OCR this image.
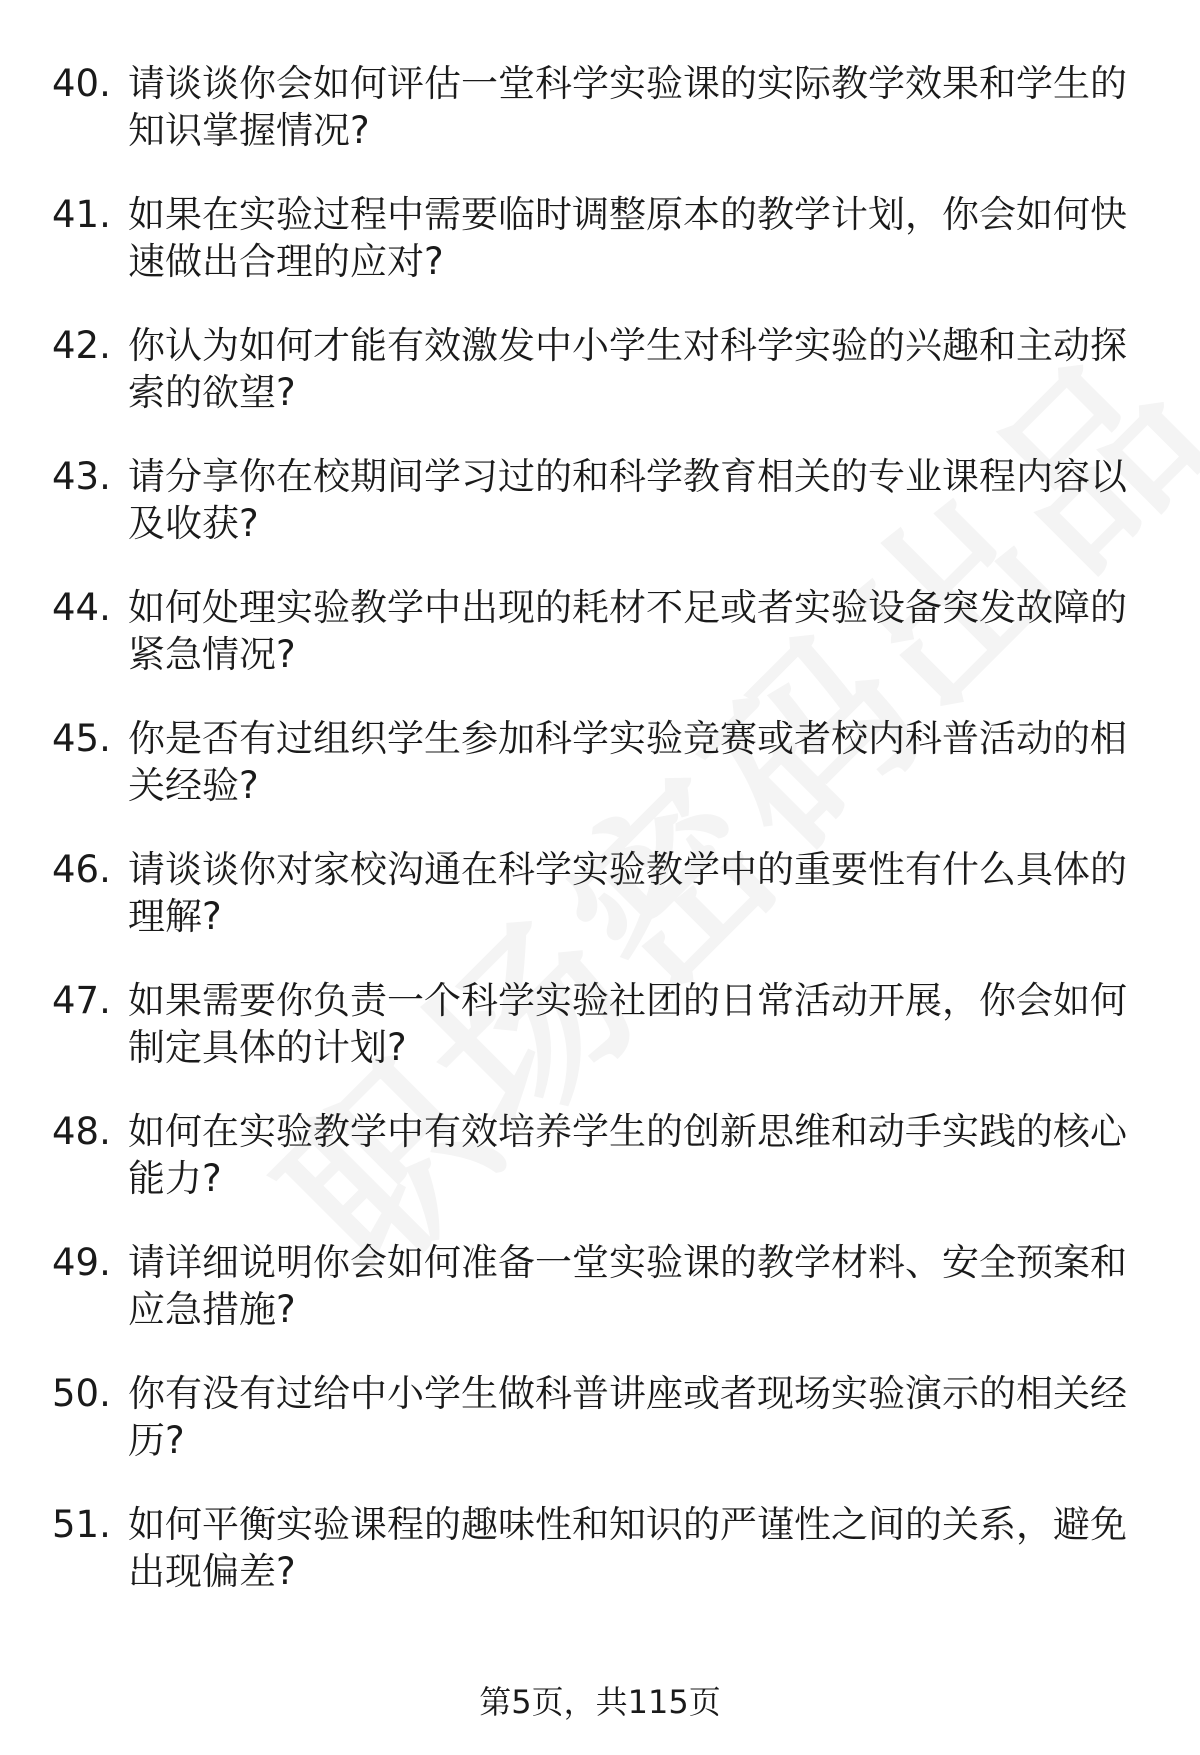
40. 请谈谈你会如何评估一堂科学实验课的实际教学效果和学生的知识掌握情况?
41. 如果在实验过程中需要临时调整原本的教学计划，你会如何快速做出合理的应对?
42. 你认为如何才能有效激发中小学生对科学实验的兴趣和主动探索的欲望?
43. 请分享你在校期间学习过的和科学教育相关的专业课程内容以及收获?
44. 如何处理实验教学中出现的耗材不足或者实验设备突发故障的紧急情况?
45. 你是否有过组织学生参加科学实验竞赛或者校内科普活动的相关经验?
46. 请谈谈你对家校沟通在科学实验教学中的重要性有什么具体的理解?
47. 如果需要你负责一个科学实验社团的日常活动开展，你会如何制定具体的计划?
48. 如何在实验教学中有效培养学生的创新思维和动手实践的核心能力?
49. 请详细说明你会如何准备一堂实验课的教学材料、安全预案和应急措施?
50. 你有没有过给中小学生做科普讲座或者现场实验演示的相关经历?
51. 如何平衡实验课程的趣味性和知识的严谨性之间的关系，避免出现偏差?
第5页，共115页
